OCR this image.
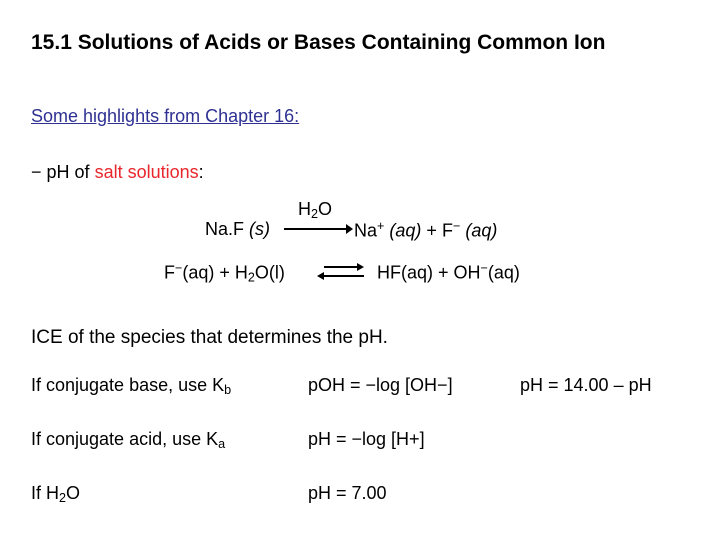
15.1 Solutions of Acids or Bases Containing Common Ion
Some highlights from Chapter 16:
− pH of salt solutions:
Na.F (s)
$H_2O$
Na+ (aq) + F− (aq)
$F^-(aq) + H_2O(l)$	HF(aq) + OH−(aq)
ICE of the species that determines the pH.
If conjugate base, use $K_b$	pOH = −log [OH−]	pH = 14.00 – pH
If conjugate acid, use $K_a$	pH = −log [H+]
If $H_2O$	pH = 7.00
